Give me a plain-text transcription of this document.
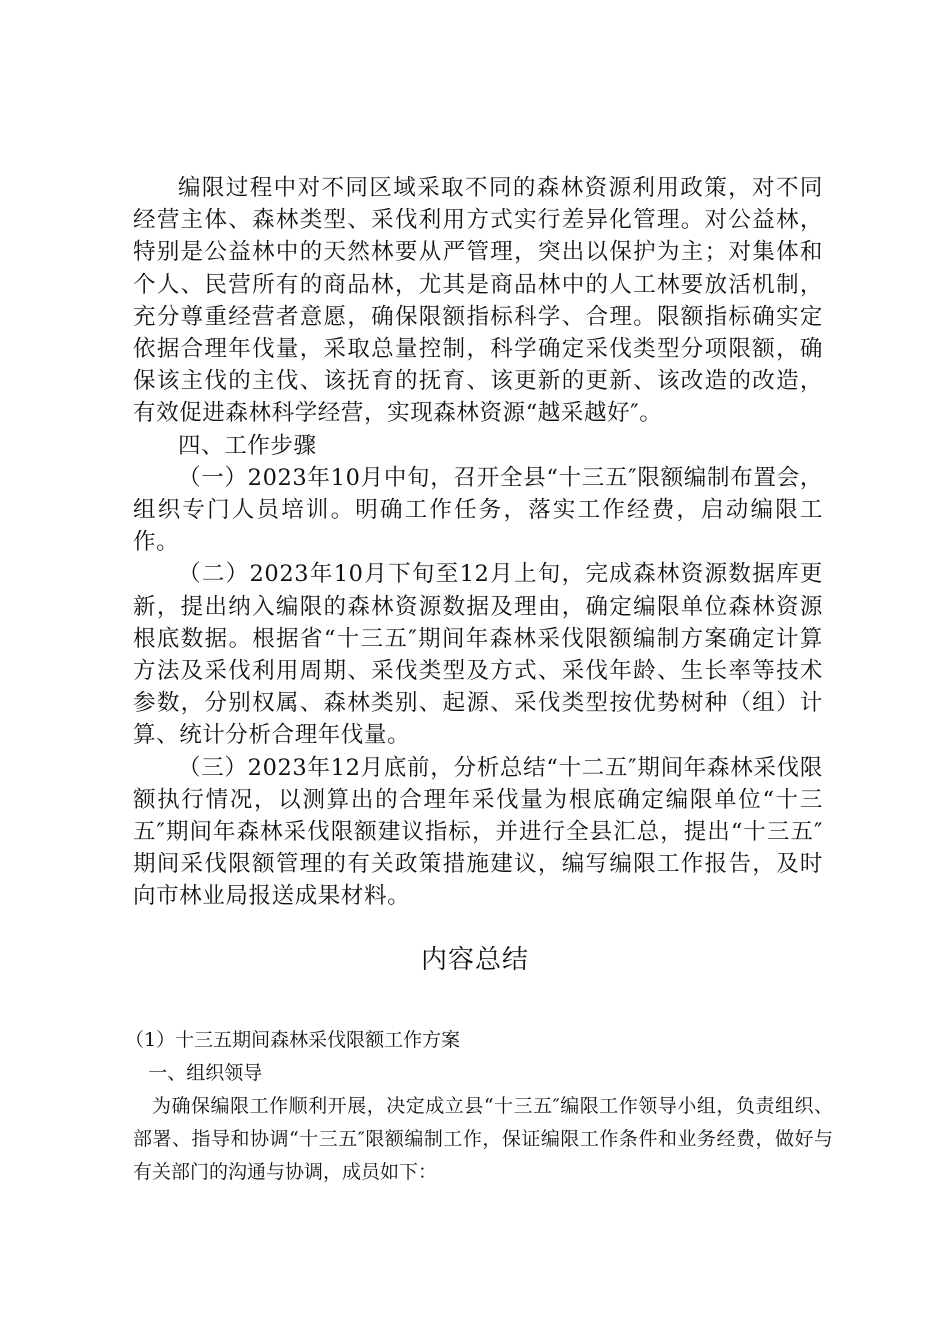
编限过程中对不同区域采取不同的森林资源利用政策，对不同经营主体、森林类型、采伐利用方式实行差异化管理。对公益林，特别是公益林中的天然林要从严管理，突出以保护为主；对集体和个人、民营所有的商品林，尤其是商品林中的人工林要放活机制，充分尊重经营者意愿，确保限额指标科学、合理。限额指标确实定依据合理年伐量，采取总量控制，科学确定采伐类型分项限额，确保该主伐的主伐、该抚育的抚育、该更新的更新、该改造的改造，有效促进森林科学经营，实现森林资源“越采越好″。

四、工作步骤

（一）2023年10月中旬，召开全县“十三五″限额编制布置会，组织专门人员培训。明确工作任务，落实工作经费，启动编限工作。

（二）2023年10月下旬至12月上旬，完成森林资源数据库更新，提出纳入编限的森林资源数据及理由，确定编限单位森林资源根底数据。根据省“十三五″期间年森林采伐限额编制方案确定计算方法及采伐利用周期、采伐类型及方式、采伐年龄、生长率等技术参数，分别权属、森林类别、起源、采伐类型按优势树种（组）计算、统计分析合理年伐量。

（三）2023年12月底前，分析总结“十二五″期间年森林采伐限额执行情况，以测算出的合理年采伐量为根底确定编限单位“十三五″期间年森林采伐限额建议指标，并进行全县汇总，提出“十三五″期间采伐限额管理的有关政策措施建议，编写编限工作报告，及时向市林业局报送成果材料。

内容总结

（1）十三五期间森林采伐限额工作方案

一、组织领导

为确保编限工作顺利开展，决定成立县“十三五″编限工作领导小组，负责组织、部署、指导和协调“十三五″限额编制工作，保证编限工作条件和业务经费，做好与有关部门的沟通与协调，成员如下：
